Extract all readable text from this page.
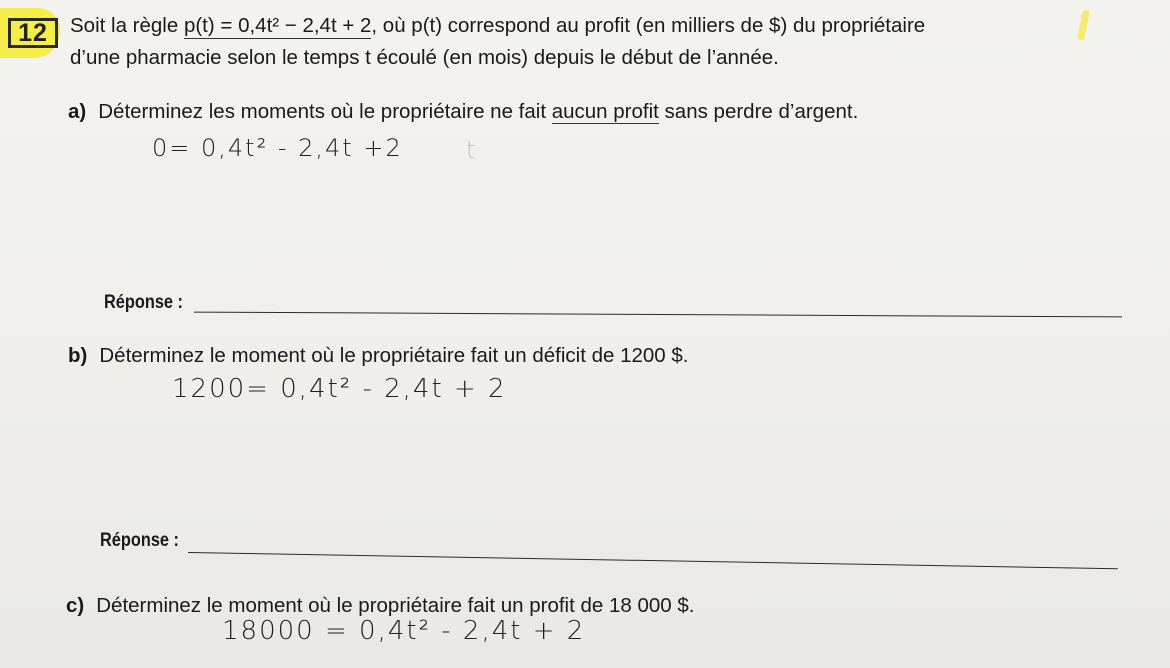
12	Soit la règle p(t) = 0,4t² − 2,4t + 2, où p(t) correspond au profit (en milliers de $) du propriétaire
d’une pharmacie selon le temps t écoulé (en mois) depuis le début de l’année.
a) Déterminez les moments où le propriétaire ne fait aucun profit sans perdre d’argent.
0= 0,4t² - 2,4t +2	t
Réponse :
b) Déterminez le moment où le propriétaire fait un déficit de 1200 $.
1200= 0,4t² - 2,4t + 2
Réponse :
c) Déterminez le moment où le propriétaire fait un profit de 18 000 $.
18000 = 0,4t² - 2,4t + 2
